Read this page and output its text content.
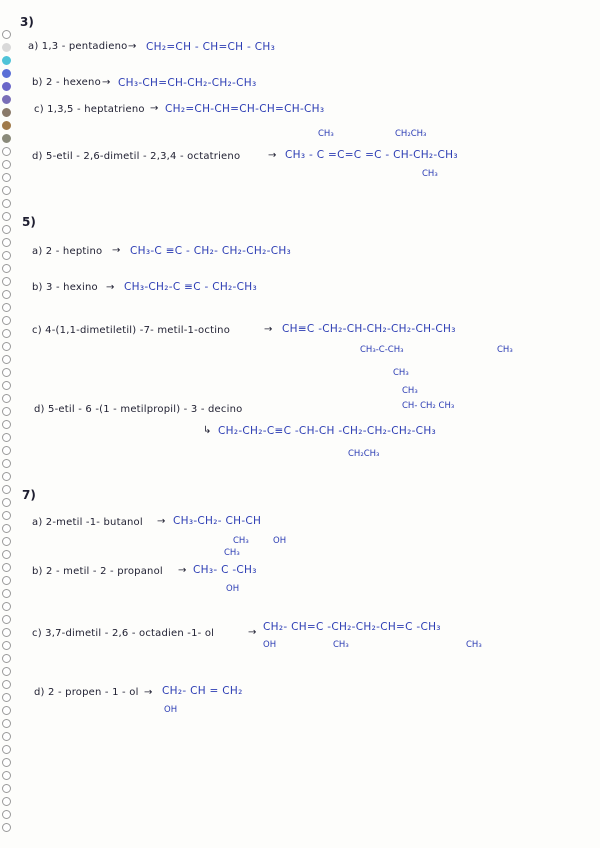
3)
a) 1,3 - pentadieno → CH₂=CH - CH=CH - CH₃
b) 2 - hexeno → CH₃-CH=CH-CH₂-CH₂-CH₃
c) 1,3,5 - heptatrieno → CH₂=CH-CH=CH-CH=CH-CH₃
d) 5-etil - 2,6-dimetil - 2,3,4 - octatrieno	→ CH₃ - C =C=C =C - CH-CH₂-CH₃
CH₃	CH₂CH₃
CH₃
5)
a) 2 - heptino → CH₃-C ≡C - CH₂- CH₂-CH₂-CH₃
b) 3 - hexino → CH₃-CH₂-C ≡C - CH₂-CH₃
c) 4-(1,1-dimetiletil) -7- metil-1-octino	→ CH≡C -CH₂-CH-CH₂-CH₂-CH-CH₃
CH₃-C-CH₃
CH₃
CH₃
d) 5-etil - 6 -(1 - metilpropil) - 3 - decino
↳ CH₂-CH₂-C≡C -CH-CH -CH₂-CH₂-CH₂-CH₃
CH₃
CH- CH₂ CH₃
CH₂CH₃
7)
a) 2-metil -1- butanol → CH₃-CH₂- CH-CH
CH₃	OH
b) 2 - metil - 2 - propanol → CH₃- C -CH₃
CH₃
OH
c) 3,7-dimetil - 2,6 - octadien -1- ol	→ CH₂- CH=C -CH₂-CH₂-CH=C -CH₃
OH	CH₃	CH₃
d) 2 - propen - 1 - ol → CH₂- CH = CH₂
OH
